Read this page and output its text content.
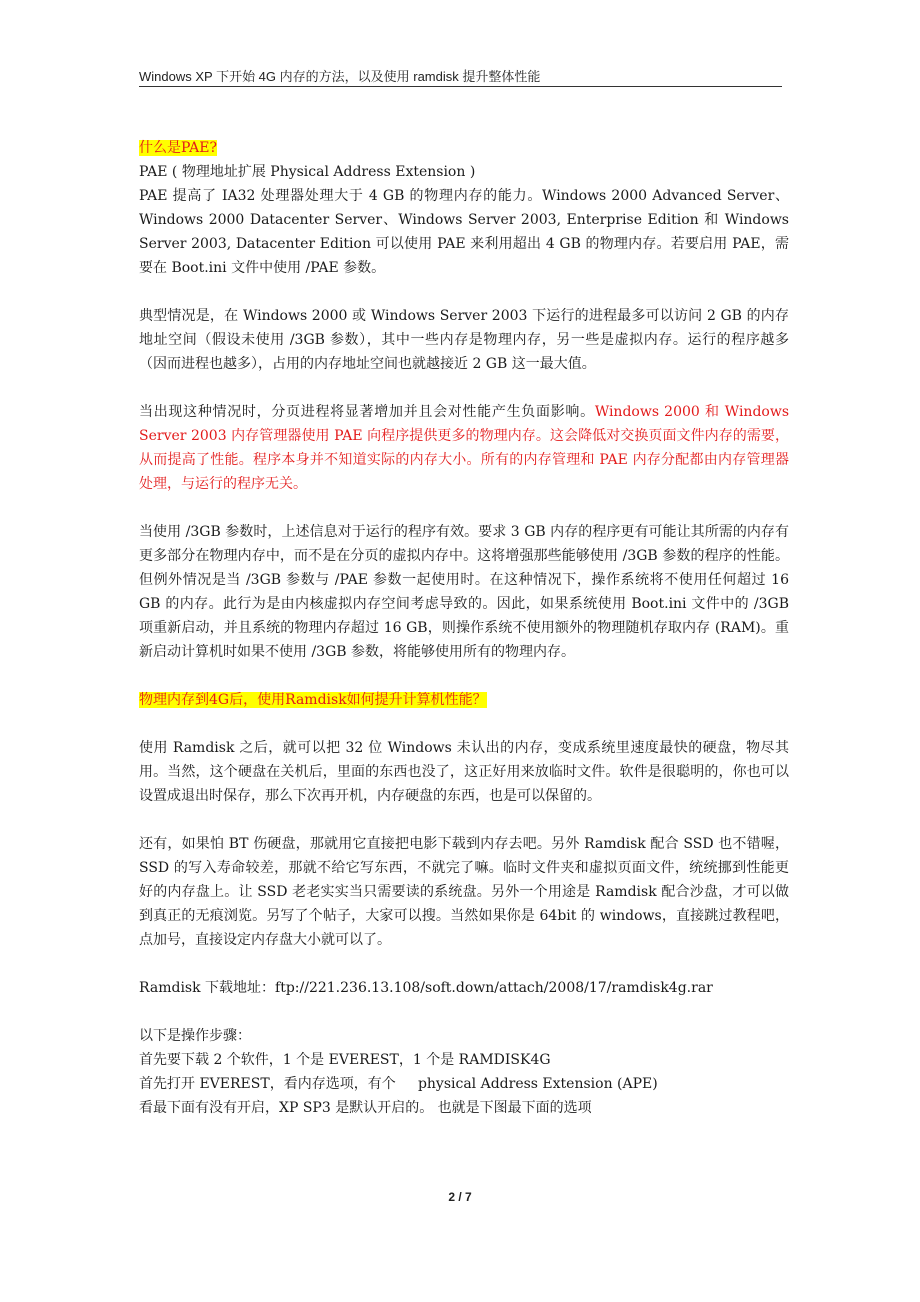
Windows XP 下开始 4G 内存的方法，以及使用 ramdisk 提升整体性能

什么是PAE?

PAE ( 物理地址扩展 Physical Address Extension )

PAE 提高了 IA32 处理器处理大于 4 GB 的物理内存的能力。Windows 2000 Advanced Server、 Windows 2000 Datacenter Server、Windows Server 2003, Enterprise Edition 和 Windows Server 2003, Datacenter Edition 可以使用 PAE 来利用超出 4 GB 的物理内存。若要启用 PAE，需要在 Boot.ini 文件中使用 /PAE 参数。

典型情况是，在 Windows 2000 或 Windows Server 2003 下运行的进程最多可以访问 2 GB 的内存地址空间（假设未使用 /3GB 参数），其中一些内存是物理内存，另一些是虚拟内存。运行的程序越多（因而进程也越多），占用的内存地址空间也就越接近 2 GB 这一最大值。

当出现这种情况时，分页进程将显著增加并且会对性能产生负面影响。Windows 2000 和 Windows Server 2003 内存管理器使用 PAE 向程序提供更多的物理内存。这会降低对交换页面文件内存的需要，从而提高了性能。程序本身并不知道实际的内存大小。所有的内存管理和 PAE 内存分配都由内存管理器处理，与运行的程序无关。

当使用 /3GB 参数时，上述信息对于运行的程序有效。要求 3 GB 内存的程序更有可能让其所需的内存有更多部分在物理内存中，而不是在分页的虚拟内存中。这将增强那些能够使用 /3GB 参数的程序的性能。但例外情况是当 /3GB 参数与 /PAE 参数一起使用时。在这种情况下，操作系统将不使用任何超过 16 GB 的内存。此行为是由内核虚拟内存空间考虑导致的。因此，如果系统使用 Boot.ini 文件中的 /3GB 项重新启动，并且系统的物理内存超过 16 GB，则操作系统不使用额外的物理随机存取内存 (RAM)。重新启动计算机时如果不使用 /3GB 参数，将能够使用所有的物理内存。

物理内存到4G后，使用Ramdisk如何提升计算机性能？

使用 Ramdisk 之后，就可以把 32 位 Windows 未认出的内存，变成系统里速度最快的硬盘，物尽其用。当然，这个硬盘在关机后，里面的东西也没了，这正好用来放临时文件。软件是很聪明的，你也可以设置成退出时保存，那么下次再开机，内存硬盘的东西，也是可以保留的。

还有，如果怕 BT 伤硬盘，那就用它直接把电影下载到内存去吧。另外 Ramdisk 配合 SSD 也不错喔，SSD 的写入寿命较差，那就不给它写东西，不就完了嘛。临时文件夹和虚拟页面文件，统统挪到性能更好的内存盘上。让 SSD 老老实实当只需要读的系统盘。另外一个用途是 Ramdisk 配合沙盘，才可以做到真正的无痕浏览。另写了个帖子，大家可以搜。当然如果你是 64bit 的 windows，直接跳过教程吧，点加号，直接设定内存盘大小就可以了。

Ramdisk 下载地址：ftp://221.236.13.108/soft.down/attach/2008/17/ramdisk4g.rar

以下是操作步骤：

首先要下载 2 个软件，1 个是 EVEREST，1 个是 RAMDISK4G

首先打开 EVEREST，看内存选项，有个     physical Address Extension (APE)

看最下面有没有开启，XP SP3 是默认开启的。 也就是下图最下面的选项

2 / 7
